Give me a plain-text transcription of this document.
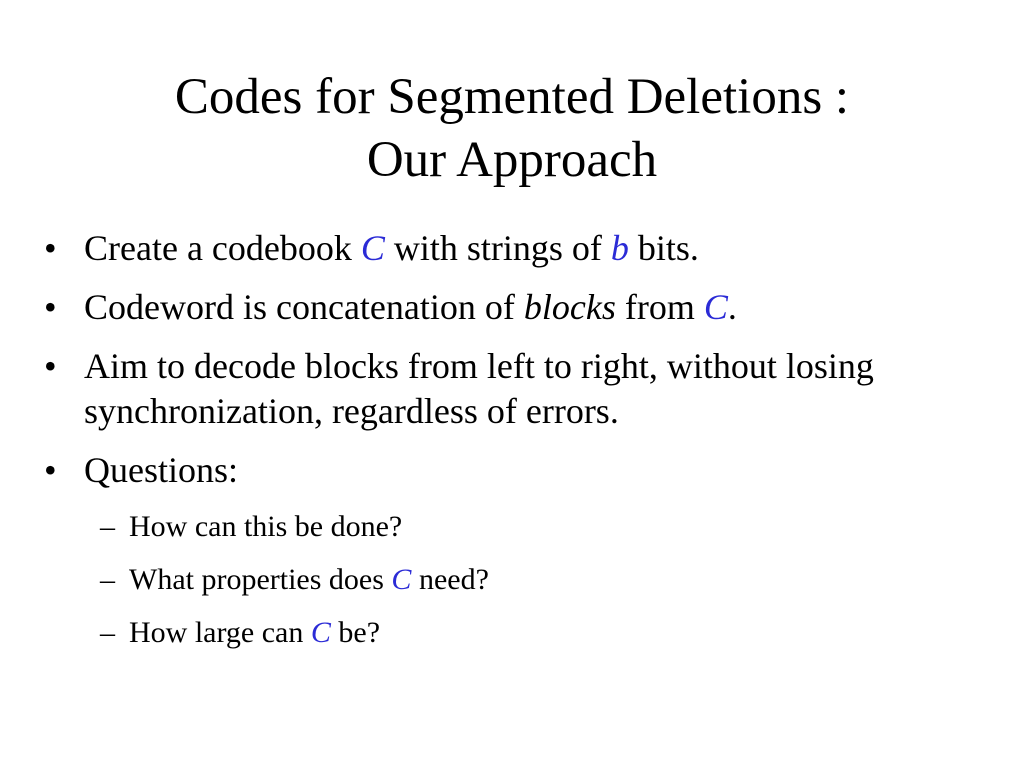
Codes for Segmented Deletions :
Our Approach
• Create a codebook C with strings of b bits.
• Codeword is concatenation of blocks from C.
• Aim to decode blocks from left to right, without losing synchronization, regardless of errors.
• Questions:
– How can this be done?
– What properties does C need?
– How large can C be?
